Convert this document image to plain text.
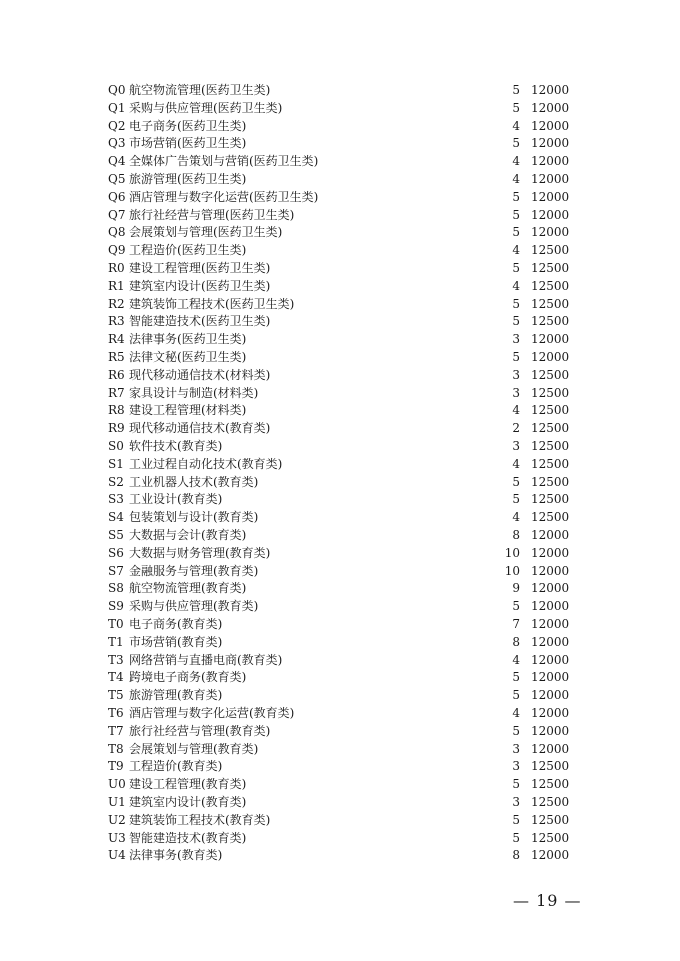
Q0 航空物流管理(医药卫生类)	5 12000
Q1 采购与供应管理(医药卫生类)	5 12000
Q2 电子商务(医药卫生类)	4 12000
Q3 市场营销(医药卫生类)	5 12000
Q4 全媒体广告策划与营销(医药卫生类)	4 12000
Q5 旅游管理(医药卫生类)	4 12000
Q6 酒店管理与数字化运营(医药卫生类)	5 12000
Q7 旅行社经营与管理(医药卫生类)	5 12000
Q8 会展策划与管理(医药卫生类)	5 12000
Q9 工程造价(医药卫生类)	4 12500
R0 建设工程管理(医药卫生类)	5 12500
R1 建筑室内设计(医药卫生类)	4 12500
R2 建筑装饰工程技术(医药卫生类)	5 12500
R3 智能建造技术(医药卫生类)	5 12500
R4 法律事务(医药卫生类)	3 12000
R5 法律文秘(医药卫生类)	5 12000
R6 现代移动通信技术(材料类)	3 12500
R7 家具设计与制造(材料类)	3 12500
R8 建设工程管理(材料类)	4 12500
R9 现代移动通信技术(教育类)	2 12500
S0 软件技术(教育类)	3 12500
S1 工业过程自动化技术(教育类)	4 12500
S2 工业机器人技术(教育类)	5 12500
S3 工业设计(教育类)	5 12500
S4 包装策划与设计(教育类)	4 12500
S5 大数据与会计(教育类)	8 12000
S6 大数据与财务管理(教育类)	10 12000
S7 金融服务与管理(教育类)	10 12000
S8 航空物流管理(教育类)	9 12000
S9 采购与供应管理(教育类)	5 12000
T0 电子商务(教育类)	7 12000
T1 市场营销(教育类)	8 12000
T3 网络营销与直播电商(教育类)	4 12000
T4 跨境电子商务(教育类)	5 12000
T5 旅游管理(教育类)	5 12000
T6 酒店管理与数字化运营(教育类)	4 12000
T7 旅行社经营与管理(教育类)	5 12000
T8 会展策划与管理(教育类)	3 12000
T9 工程造价(教育类)	3 12500
U0 建设工程管理(教育类)	5 12500
U1 建筑室内设计(教育类)	3 12500
U2 建筑装饰工程技术(教育类)	5 12500
U3 智能建造技术(教育类)	5 12500
U4 法律事务(教育类)	8 12000
— 19 —
